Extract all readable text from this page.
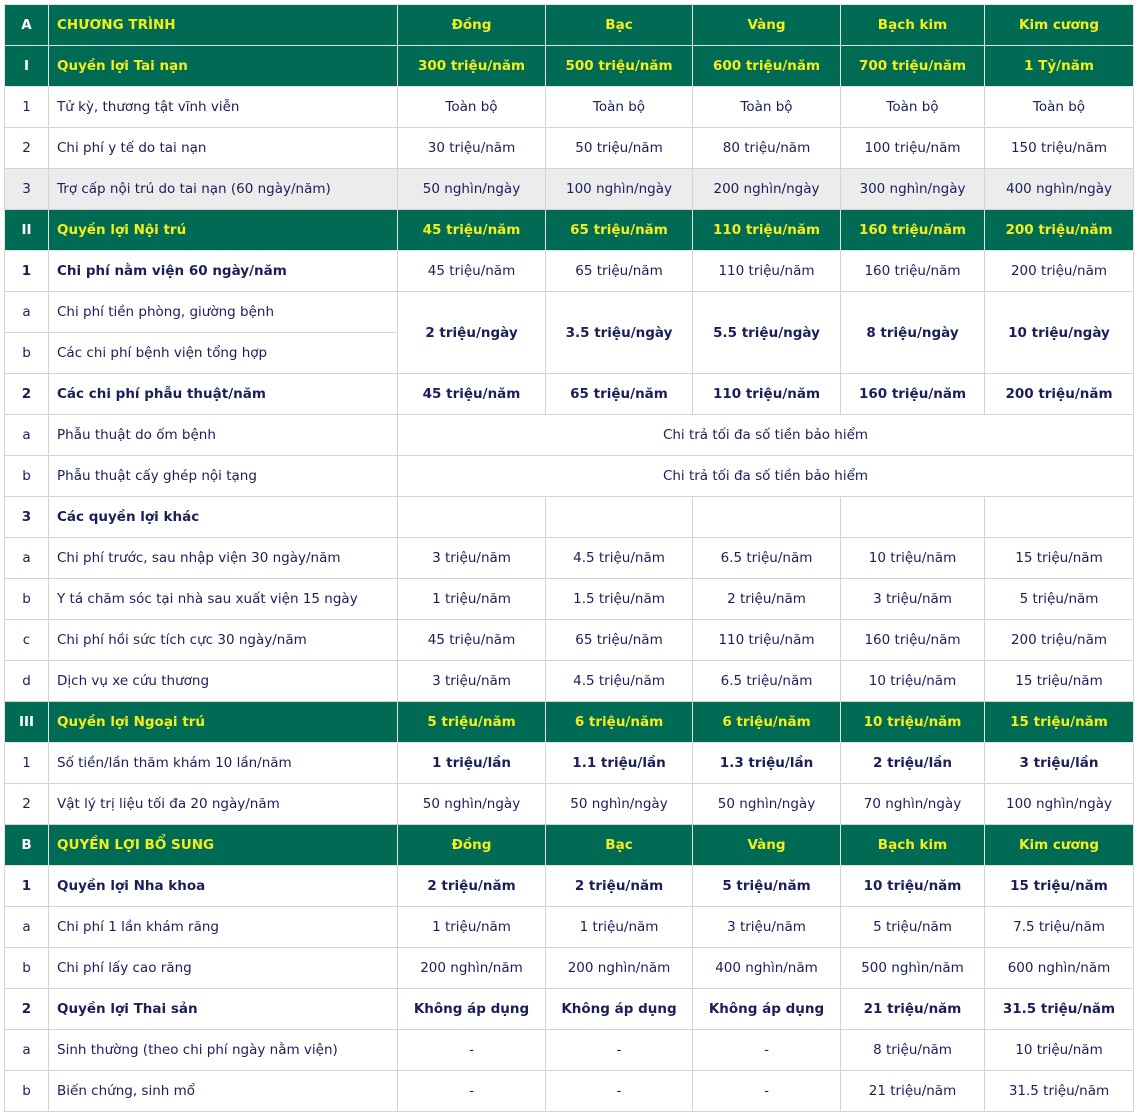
A	CHƯƠNG TRÌNH	Đồng	Bạc	Vàng	Bạch kim	Kim cương
I	Quyền lợi Tai nạn	300 triệu/năm	500 triệu/năm	600 triệu/năm	700 triệu/năm	1 Tỷ/năm
1	Tử kỳ, thương tật vĩnh viễn	Toàn bộ	Toàn bộ	Toàn bộ	Toàn bộ	Toàn bộ
2	Chi phí y tế do tai nạn	30 triệu/năm	50 triệu/năm	80 triệu/năm	100 triệu/năm	150 triệu/năm
3	Trợ cấp nội trú do tai nạn (60 ngày/năm)	50 nghìn/ngày	100 nghìn/ngày	200 nghìn/ngày	300 nghìn/ngày	400 nghìn/ngày
II	Quyền lợi Nội trú	45 triệu/năm	65 triệu/năm	110 triệu/năm	160 triệu/năm	200 triệu/năm
1	Chi phí nằm viện 60 ngày/năm	45 triệu/năm	65 triệu/năm	110 triệu/năm	160 triệu/năm	200 triệu/năm
a	Chi phí tiền phòng, giường bệnh	2 triệu/ngày	3.5 triệu/ngày	5.5 triệu/ngày	8 triệu/ngày	10 triệu/ngày
b	Các chi phí bệnh viện tổng hợp					
2	Các chi phí phẫu thuật/năm	45 triệu/năm	65 triệu/năm	110 triệu/năm	160 triệu/năm	200 triệu/năm
a	Phẫu thuật do ốm bệnh	Chi trả tối đa số tiền bảo hiểm				
b	Phẫu thuật cấy ghép nội tạng	Chi trả tối đa số tiền bảo hiểm				
3	Các quyền lợi khác					
a	Chi phí trước, sau nhập viện 30 ngày/năm	3 triệu/năm	4.5 triệu/năm	6.5 triệu/năm	10 triệu/năm	15 triệu/năm
b	Y tá chăm sóc tại nhà sau xuất viện 15 ngày	1 triệu/năm	1.5 triệu/năm	2 triệu/năm	3 triệu/năm	5 triệu/năm
c	Chi phí hồi sức tích cực 30 ngày/năm	45 triệu/năm	65 triệu/năm	110 triệu/năm	160 triệu/năm	200 triệu/năm
d	Dịch vụ xe cứu thương	3 triệu/năm	4.5 triệu/năm	6.5 triệu/năm	10 triệu/năm	15 triệu/năm
III	Quyền lợi Ngoại trú	5 triệu/năm	6 triệu/năm	6 triệu/năm	10 triệu/năm	15 triệu/năm
1	Số tiền/lần thăm khám 10 lần/năm	1 triệu/lần	1.1 triệu/lần	1.3 triệu/lần	2 triệu/lần	3 triệu/lần
2	Vật lý trị liệu tối đa 20 ngày/năm	50 nghìn/ngày	50 nghìn/ngày	50 nghìn/ngày	70 nghìn/ngày	100 nghìn/ngày
B	QUYỀN LỢI BỔ SUNG	Đồng	Bạc	Vàng	Bạch kim	Kim cương
1	Quyền lợi Nha khoa	2 triệu/năm	2 triệu/năm	5 triệu/năm	10 triệu/năm	15 triệu/năm
a	Chi phí 1 lần khám răng	1 triệu/năm	1 triệu/năm	3 triệu/năm	5 triệu/năm	7.5 triệu/năm
b	Chi phí lấy cao răng	200 nghìn/năm	200 nghìn/năm	400 nghìn/năm	500 nghìn/năm	600 nghìn/năm
2	Quyền lợi Thai sản	Không áp dụng	Không áp dụng	Không áp dụng	21 triệu/năm	31.5 triệu/năm
a	Sinh thường (theo chi phí ngày nằm viện)	-	-	-	8 triệu/năm	10 triệu/năm
b	Biến chứng, sinh mổ	-	-	-	21 triệu/năm	31.5 triệu/năm
